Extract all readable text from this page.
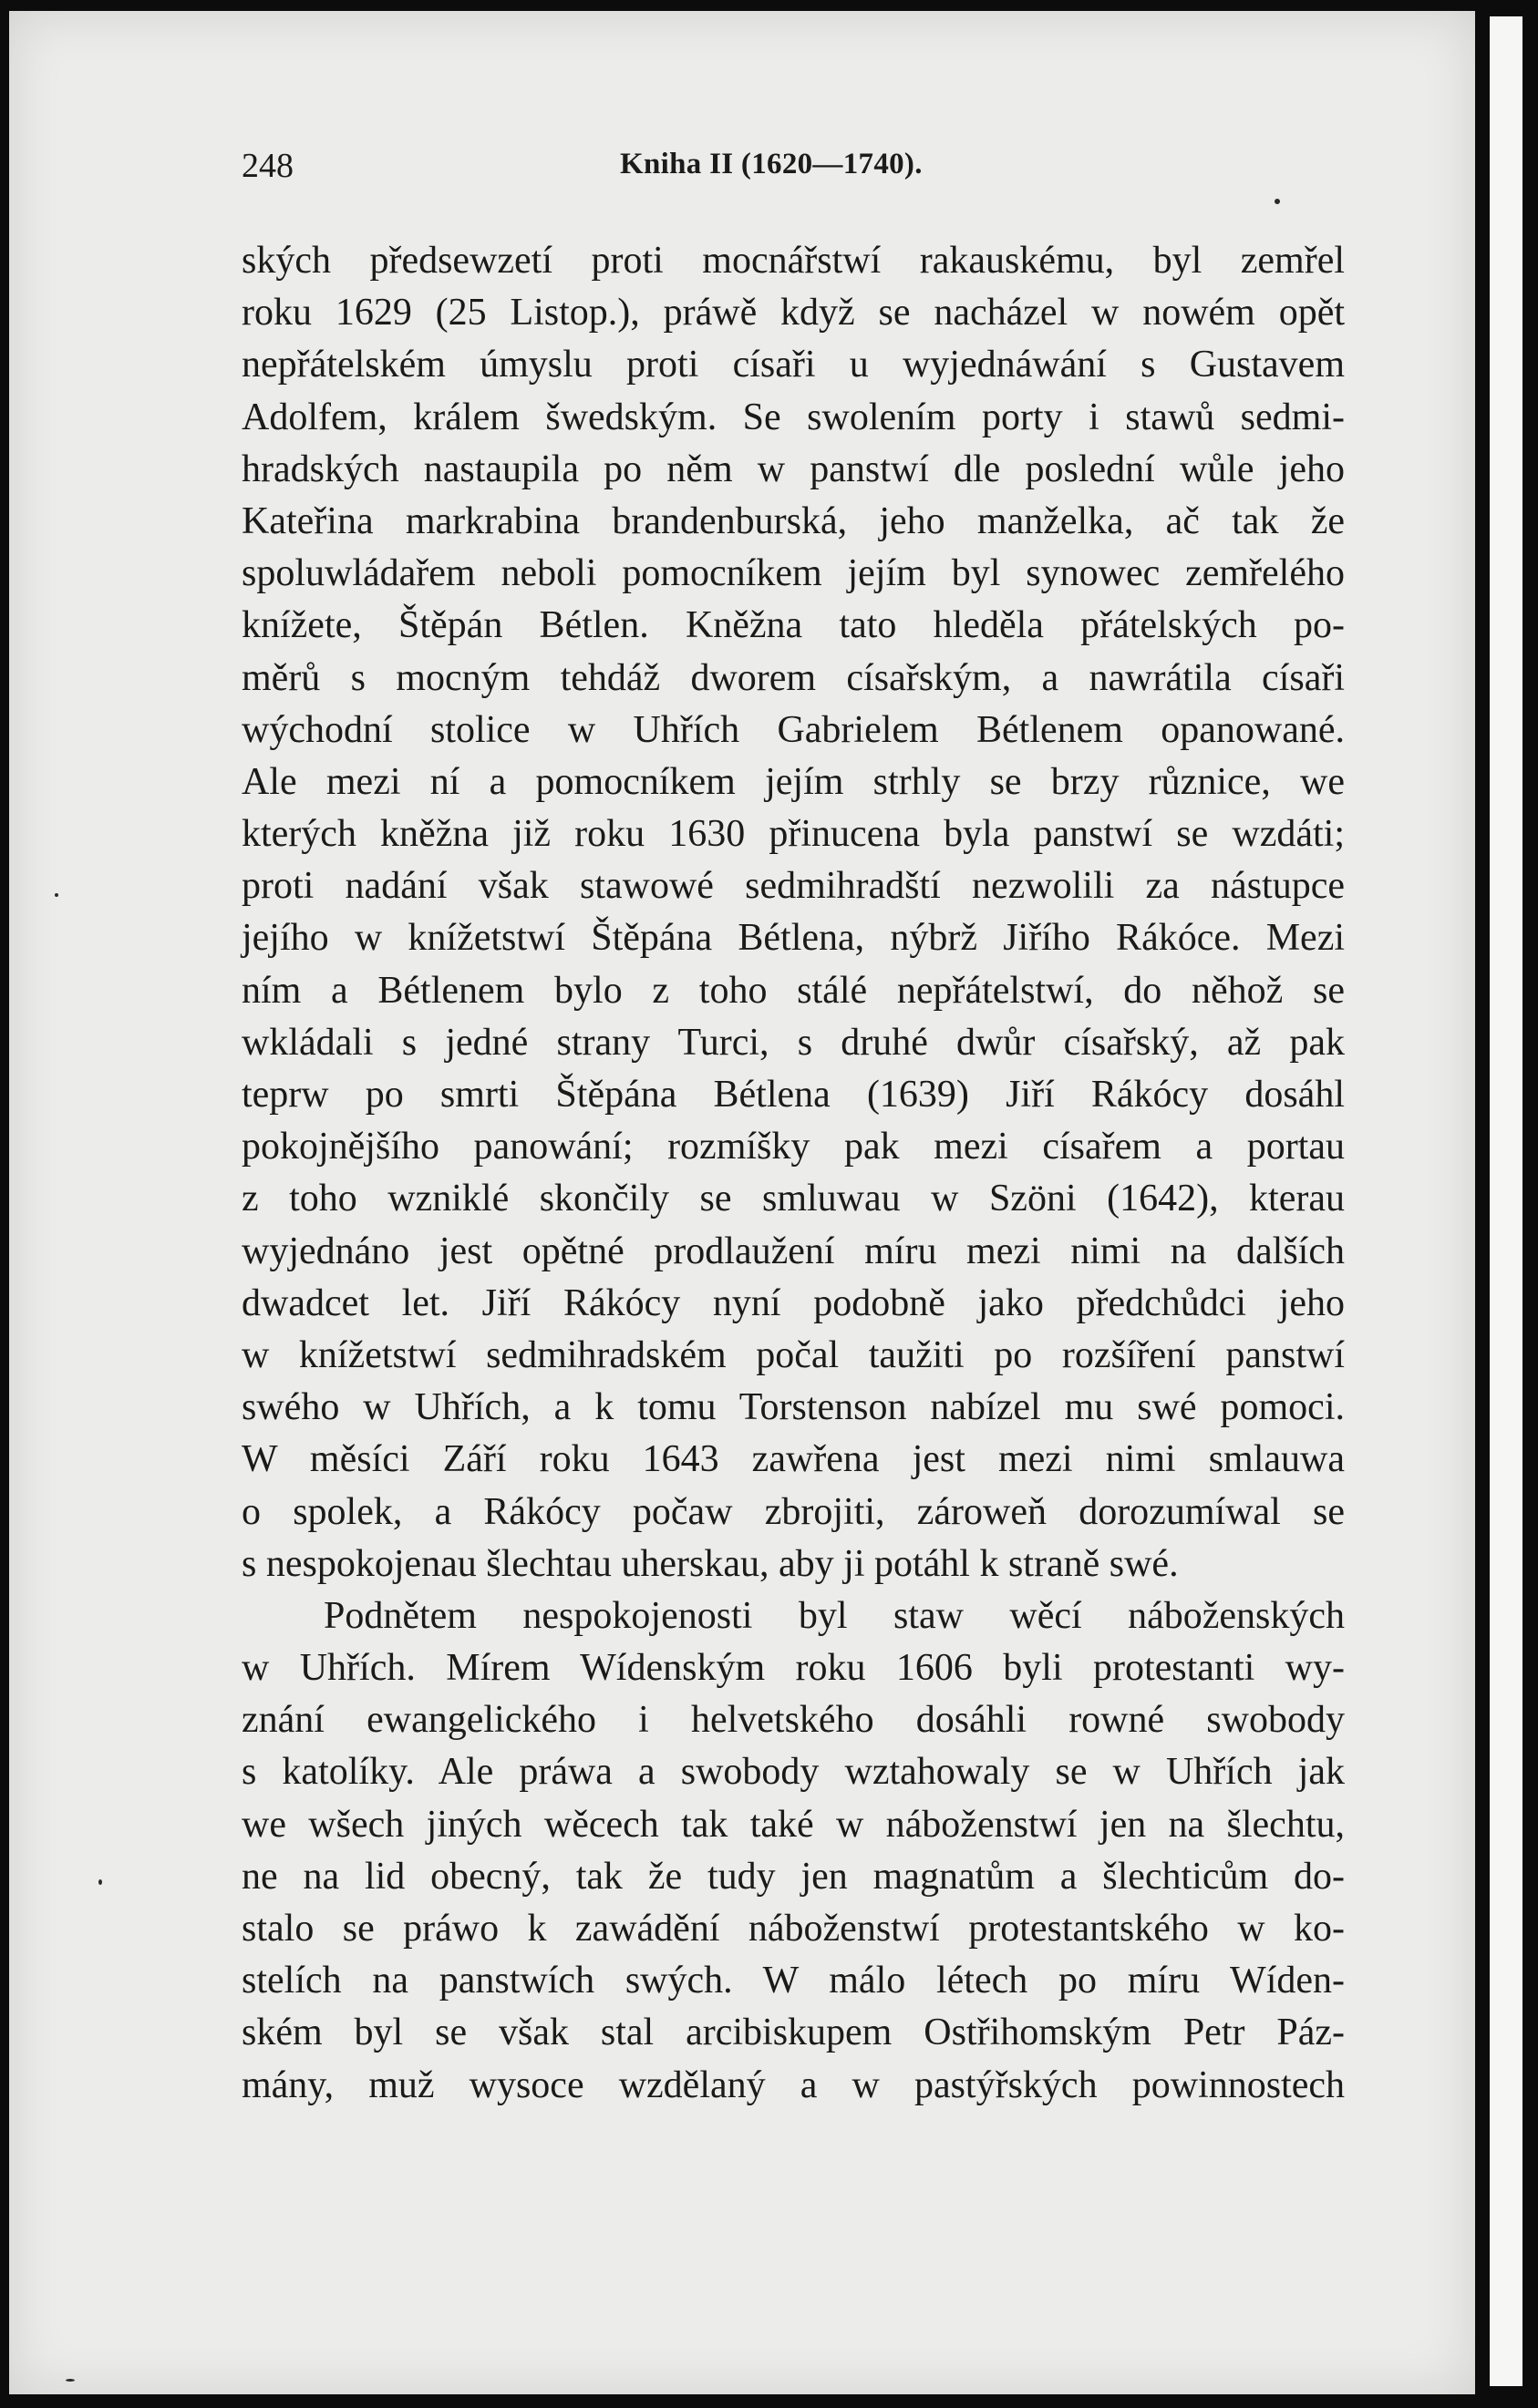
248	Kniha II (1620—1740).
ských předsewzetí proti mocnářstwí rakauskému, byl zemřel
roku 1629 (25 Listop.), práwě když se nacházel w nowém opět
nepřátelském úmyslu proti císaři u wyjednáwání s Gustavem
Adolfem, králem šwedským. Se swolením porty i stawů sedmi-
hradských nastaupila po něm w panstwí dle poslední wůle jeho
Kateřina markrabina brandenburská, jeho manželka, ač tak že
spoluwládařem neboli pomocníkem jejím byl synowec zemřelého
knížete, Štěpán Bétlen. Kněžna tato hleděla přátelských po-
měrů s mocným tehdáž dworem císařským, a nawrátila císaři
wýchodní stolice w Uhřích Gabrielem Bétlenem opanowané.
Ale mezi ní a pomocníkem jejím strhly se brzy různice, we
kterých kněžna již roku 1630 přinucena byla panstwí se wzdáti;
proti nadání však stawowé sedmihradští nezwolili za nástupce
jejího w knížetstwí Štěpána Bétlena, nýbrž Jiřího Rákóce. Mezi
ním a Bétlenem bylo z toho stálé nepřátelstwí, do něhož se
wkládali s jedné strany Turci, s druhé dwůr císařský, až pak
teprw po smrti Štěpána Bétlena (1639) Jiří Rákócy dosáhl
pokojnějšího panowání; rozmíšky pak mezi císařem a portau
z toho wzniklé skončily se smluwau w Szöni (1642), kterau
wyjednáno jest opětné prodlaužení míru mezi nimi na dalších
dwadcet let. Jiří Rákócy nyní podobně jako předchůdci jeho
w knížetstwí sedmihradském počal taužiti po rozšíření panstwí
swého w Uhřích, a k tomu Torstenson nabízel mu swé pomoci.
W měsíci Září roku 1643 zawřena jest mezi nimi smlauwa
o spolek, a Rákócy počaw zbrojiti, zároweň dorozumíwal se
s nespokojenau šlechtau uherskau, aby ji potáhl k straně swé.
Podnětem nespokojenosti byl staw wěcí náboženských
w Uhřích. Mírem Wídenským roku 1606 byli protestanti wy-
znání ewangelického i helvetského dosáhli rowné swobody
s katolíky. Ale práwa a swobody wztahowaly se w Uhřích jak
we wšech jiných wěcech tak také w náboženstwí jen na šlechtu,
ne na lid obecný, tak že tudy jen magnatům a šlechticům do-
stalo se práwo k zawádění náboženstwí protestantského w ko-
stelích na panstwích swých. W málo létech po míru Wíden-
ském byl se však stal arcibiskupem Ostřihomským Petr Páz-
mány, muž wysoce wzdělaný a w pastýřských powinnostech
